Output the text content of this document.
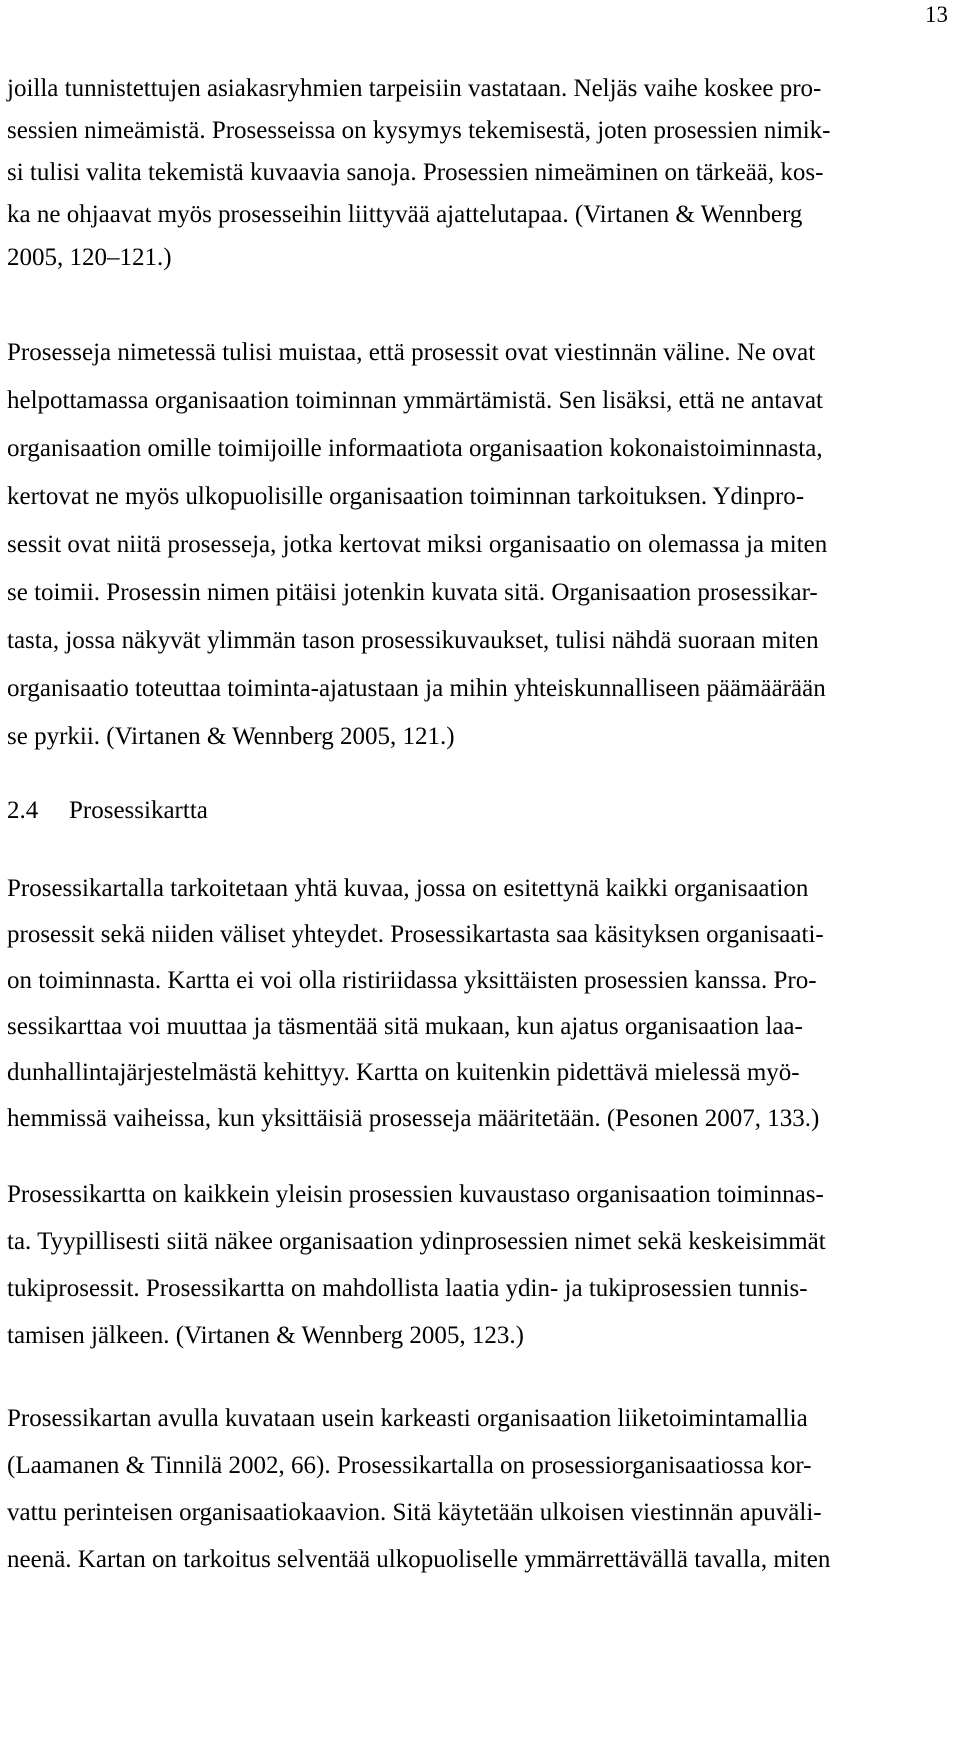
13
joilla tunnistettujen asiakasryhmien tarpeisiin vastataan. Neljäs vaihe koskee pro-
sessien nimeämistä. Prosesseissa on kysymys tekemisestä, joten prosessien nimik-
si tulisi valita tekemistä kuvaavia sanoja. Prosessien nimeäminen on tärkeää, kos-
ka ne ohjaavat myös prosesseihin liittyvää ajattelutapaa. (Virtanen & Wennberg
2005, 120–121.)
Prosesseja nimetessä tulisi muistaa, että prosessit ovat viestinnän väline. Ne ovat
helpottamassa organisaation toiminnan ymmärtämistä. Sen lisäksi, että ne antavat
organisaation omille toimijoille informaatiota organisaation kokonaistoiminnasta,
kertovat ne myös ulkopuolisille organisaation toiminnan tarkoituksen. Ydinpro-
sessit ovat niitä prosesseja, jotka kertovat miksi organisaatio on olemassa ja miten
se toimii. Prosessin nimen pitäisi jotenkin kuvata sitä. Organisaation prosessikar-
tasta, jossa näkyvät ylimmän tason prosessikuvaukset, tulisi nähdä suoraan miten
organisaatio toteuttaa toiminta-ajatustaan ja mihin yhteiskunnalliseen päämäärään
se pyrkii. (Virtanen & Wennberg 2005, 121.)
2.4 Prosessikartta
Prosessikartalla tarkoitetaan yhtä kuvaa, jossa on esitettynä kaikki organisaation
prosessit sekä niiden väliset yhteydet. Prosessikartasta saa käsityksen organisaati-
on toiminnasta. Kartta ei voi olla ristiriidassa yksittäisten prosessien kanssa. Pro-
sessikarttaa voi muuttaa ja täsmentää sitä mukaan, kun ajatus organisaation laa-
dunhallintajärjestelmästä kehittyy. Kartta on kuitenkin pidettävä mielessä myö-
hemmissä vaiheissa, kun yksittäisiä prosesseja määritetään. (Pesonen 2007, 133.)
Prosessikartta on kaikkein yleisin prosessien kuvaustaso organisaation toiminnas-
ta. Tyypillisesti siitä näkee organisaation ydinprosessien nimet sekä keskeisimmät
tukiprosessit. Prosessikartta on mahdollista laatia ydin- ja tukiprosessien tunnis-
tamisen jälkeen. (Virtanen & Wennberg 2005, 123.)
Prosessikartan avulla kuvataan usein karkeasti organisaation liiketoimintamallia
(Laamanen & Tinnilä 2002, 66). Prosessikartalla on prosessiorganisaatiossa kor-
vattu perinteisen organisaatiokaavion. Sitä käytetään ulkoisen viestinnän apuväli-
neenä. Kartan on tarkoitus selventää ulkopuoliselle ymmärrettävällä tavalla, miten
